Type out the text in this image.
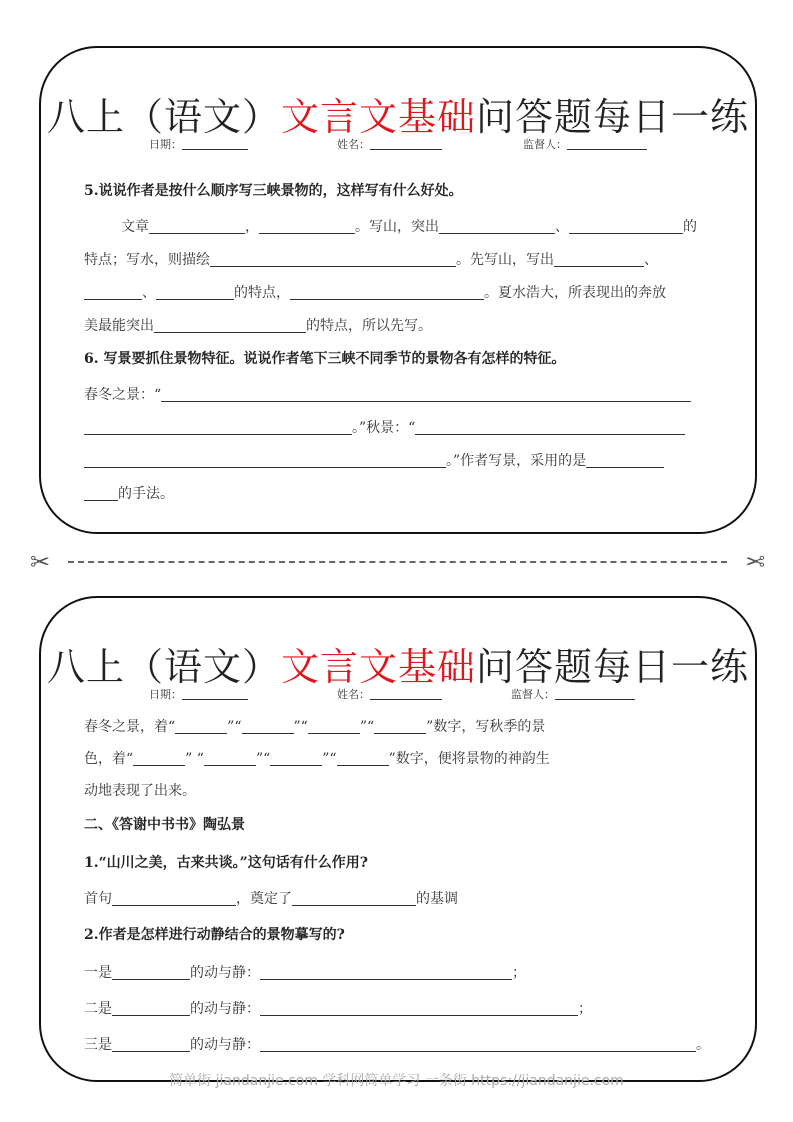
八上（语文）文言文基础问答题每日一练
日期：	姓名：	监督人：
5.说说作者是按什么顺序写三峡景物的，这样写有什么好处。
文章	，	。写山，突出	、	的
特点；写水，则描绘	。先写山，写出	、
、	的特点，	。夏水浩大，所表现出的奔放
美最能突出	的特点，所以先写。
6. 写景要抓住景物特征。说说作者笔下三峡不同季节的景物各有怎样的特征。
春冬之景：“
。”秋景：“
。”作者写景，采用的是
的手法。
✂	✂
八上（语文）文言文基础问答题每日一练
日期：	姓名：	监督人：
春冬之景，着“	”“	”“	”“	”数字，写秋季的景
色，着“	” “	”“	”“	”数字，便将景物的神韵生
动地表现了出来。
二、《答谢中书书》陶弘景
1.“山川之美，古来共谈。”这句话有什么作用?
首句	，奠定了	的基调
2.作者是怎样进行动静结合的景物摹写的?
一是	的动与静：	；
二是	的动与静：	；
三是	的动与静：	。
简单街 jiandanjie.com 学科网简单学习 一条街 https://jiandanjie.com
